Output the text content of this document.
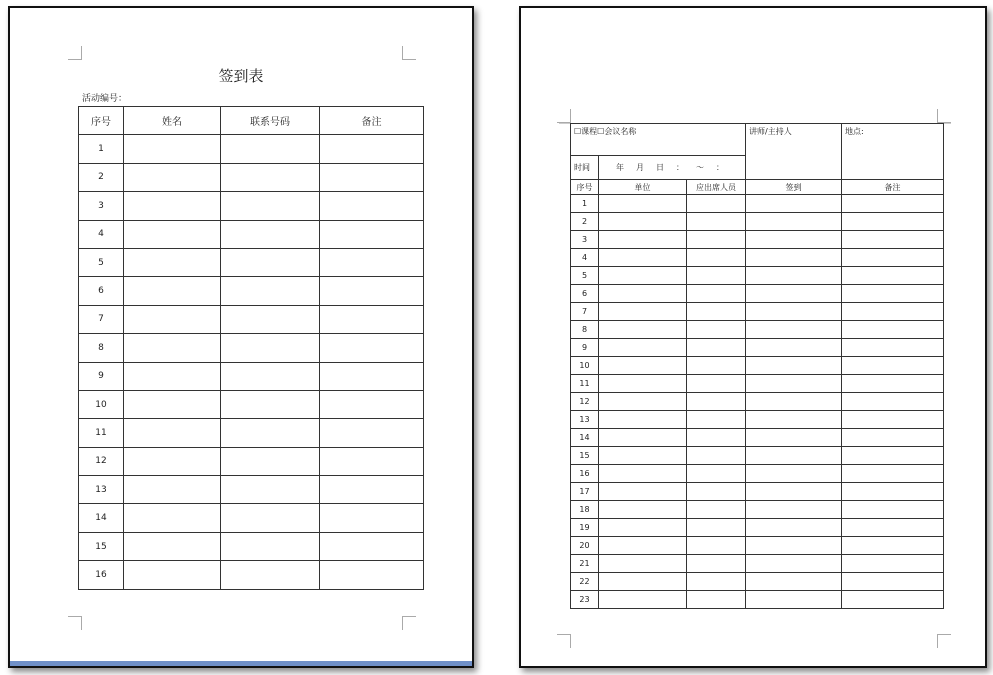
签到表
活动编号：
序号	姓名	联系号码	备注
1			
2			
3			
4			
5			
6			
7			
8			
9			
10			
11			
12			
13			
14			
15			
16			
☐课程☐会议名称			讲师/主持人	地点:
时间	年 月 日 ： ～ ：			
序号	单位	应出席人员	签到	备注
1				
2				
3				
4				
5				
6				
7				
8				
9				
10				
11				
12				
13				
14				
15				
16				
17				
18				
19				
20				
21				
22				
23				
